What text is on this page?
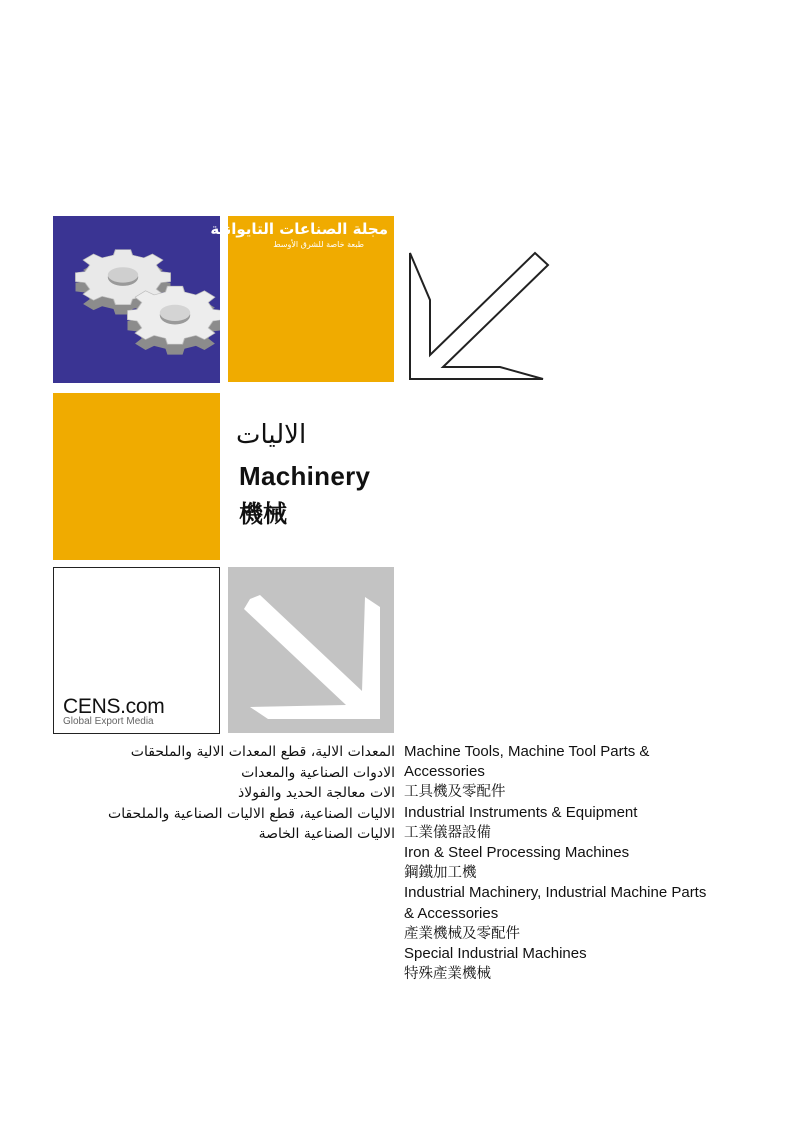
مجلة الصناعات التايوانية
طبعة خاصة للشرق الأوسط
الاليات
Machinery
機械
CENS.com
Global Export Media
المعدات الالية، قطع المعدات الالية والملحقات
الادوات الصناعية والمعدات
الات معالجة الحديد والفولاذ
الاليات الصناعية، قطع الاليات الصناعية والملحقات
الاليات الصناعية الخاصة
Machine Tools, Machine Tool Parts &
Accessories
工具機及零配件
Industrial Instruments & Equipment
工業儀器設備
Iron & Steel Processing Machines
鋼鐵加工機
Industrial Machinery, Industrial Machine Parts
& Accessories
產業機械及零配件
Special Industrial Machines
特殊產業機械
